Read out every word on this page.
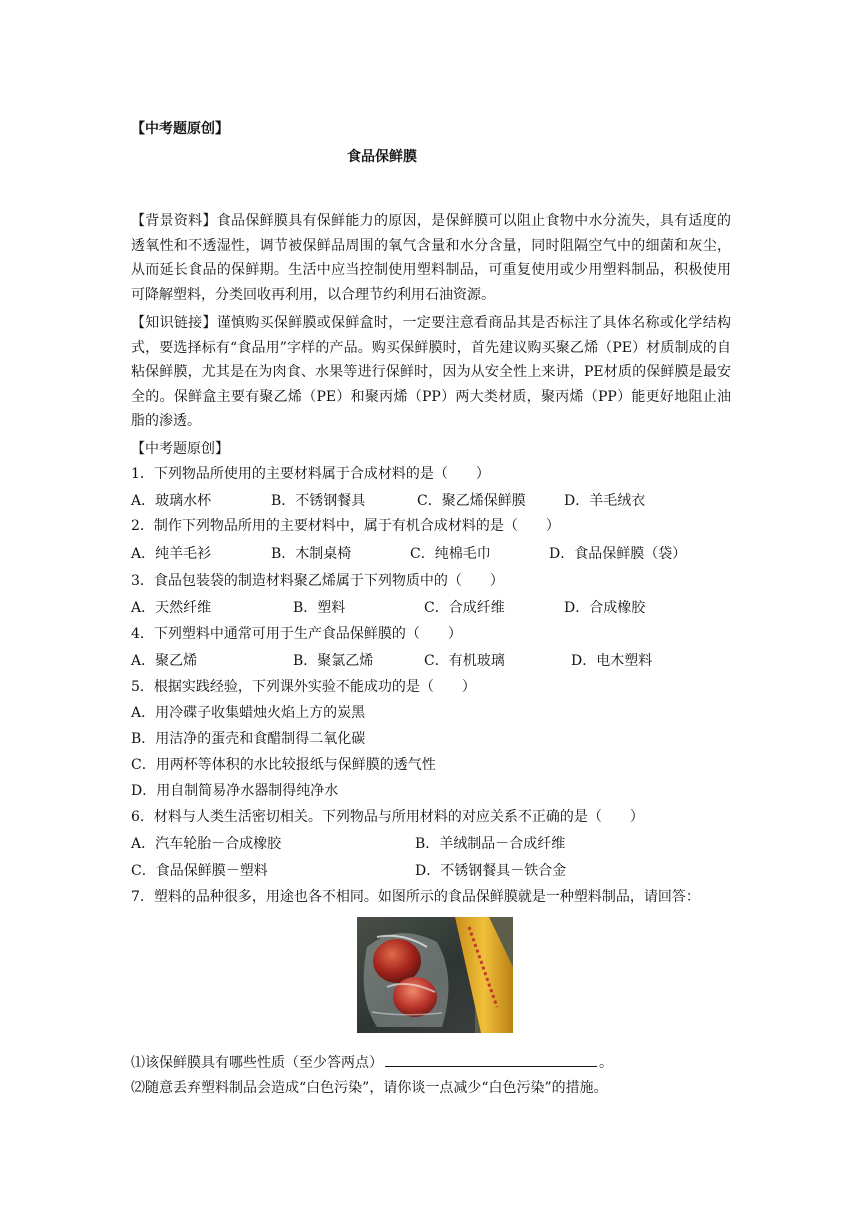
【中考题原创】
食品保鲜膜

【背景资料】食品保鲜膜具有保鲜能力的原因，是保鲜膜可以阻止食物中水分流失，具有适度的透氧性和不透湿性，调节被保鲜品周围的氧气含量和水分含量，同时阻隔空气中的细菌和灰尘，从而延长食品的保鲜期。生活中应当控制使用塑料制品，可重复使用或少用塑料制品，积极使用可降解塑料，分类回收再利用，以合理节约利用石油资源。

【知识链接】谨慎购买保鲜膜或保鲜盒时，一定要注意看商品其是否标注了具体名称或化学结构式，要选择标有“食品用”字样的产品。购买保鲜膜时，首先建议购买聚乙烯（PE）材质制成的自粘保鲜膜，尤其是在为肉食、水果等进行保鲜时，因为从安全性上来讲，PE材质的保鲜膜是最安全的。保鲜盒主要有聚乙烯（PE）和聚丙烯（PP）两大类材质，聚丙烯（PP）能更好地阻止油脂的渗透。

【中考题原创】
1．下列物品所使用的主要材料属于合成材料的是（　　）
A．玻璃水杯	B．不锈钢餐具	C．聚乙烯保鲜膜	D．羊毛绒衣
2．制作下列物品所用的主要材料中，属于有机合成材料的是（　　）
A．纯羊毛衫	B．木制桌椅	C．纯棉毛巾	D．食品保鲜膜（袋）
3．食品包装袋的制造材料聚乙烯属于下列物质中的（　　）
A．天然纤维	B．塑料	C．合成纤维	D．合成橡胶
4．下列塑料中通常可用于生产食品保鲜膜的（　　）
A．聚乙烯	B．聚氯乙烯	C．有机玻璃	D．电木塑料
5．根据实践经验，下列课外实验不能成功的是（　　）
A．用冷碟子收集蜡烛火焰上方的炭黑
B．用洁净的蛋壳和食醋制得二氧化碳
C．用两杯等体积的水比较报纸与保鲜膜的透气性
D．用自制简易净水器制得纯净水
6．材料与人类生活密切相关。下列物品与所用材料的对应关系不正确的是（　　）
A．汽车轮胎－合成橡胶	B．羊绒制品－合成纤维
C．食品保鲜膜－塑料	D．不锈钢餐具－铁合金
7．塑料的品种很多，用途也各不相同。如图所示的食品保鲜膜就是一种塑料制品，请回答：
⑴该保鲜膜具有哪些性质（至少答两点）	。
⑵随意丢弃塑料制品会造成“白色污染”，请你谈一点减少“白色污染”的措施。
